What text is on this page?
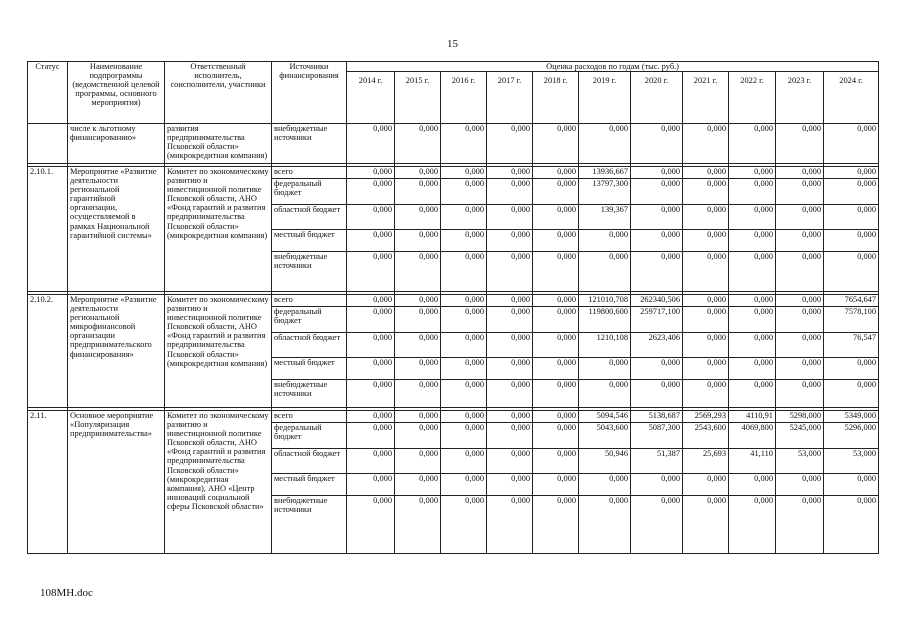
15
Статус	Наименование подпрограммы (ведомственной целевой программы, основного мероприятия)	Ответственный исполнитель, соисполнители, участники	Источники финансирования	Оценка расходов по годам (тыс. руб.)										
				2014 г.	2015 г.	2016 г.	2017 г.	2018 г.	2019 г.	2020 г.	2021 г.	2022 г.	2023 г.	2024 г.
	числе к льготному финансированию»	развития предпринимательства Псковской области» (микрокредитная компания)	внебюджетные источники	0,000	0,000	0,000	0,000	0,000	0,000	0,000	0,000	0,000	0,000	0,000

2.10.1.	Мероприятие «Развитие деятельности региональной гарантийной организации, осуществляемой в рамках Национальной гарантийной системы»	Комитет по экономическому развитию и инвестиционной политике Псковской области, АНО «Фонд гарантий и развития предпринимательства Псковской области» (микрокредитная компания)	всего	0,000	0,000	0,000	0,000	0,000	13936,667	0,000	0,000	0,000	0,000	0,000
			федеральный бюджет	0,000	0,000	0,000	0,000	0,000	13797,300	0,000	0,000	0,000	0,000	0,000
			областной бюджет	0,000	0,000	0,000	0,000	0,000	139,367	0,000	0,000	0,000	0,000	0,000
			местный бюджет	0,000	0,000	0,000	0,000	0,000	0,000	0,000	0,000	0,000	0,000	0,000
			внебюджетные источники	0,000	0,000	0,000	0,000	0,000	0,000	0,000	0,000	0,000	0,000	0,000

2.10.2.	Мероприятие «Развитие деятельности региональной микрофинансовой организации предпринимательского финансирования»	Комитет по экономическому развитию и инвестиционной политике Псковской области, АНО «Фонд гарантий и развития предпринимательства Псковской области» (микрокредитная компания)	всего	0,000	0,000	0,000	0,000	0,000	121010,708	262340,506	0,000	0,000	0,000	7654,647
			федеральный бюджет	0,000	0,000	0,000	0,000	0,000	119800,600	259717,100	0,000	0,000	0,000	7578,100
			областной бюджет	0,000	0,000	0,000	0,000	0,000	1210,108	2623,406	0,000	0,000	0,000	76,547
			местный бюджет	0,000	0,000	0,000	0,000	0,000	0,000	0,000	0,000	0,000	0,000	0,000
			внебюджетные источники	0,000	0,000	0,000	0,000	0,000	0,000	0,000	0,000	0,000	0,000	0,000

2.11.	Основное мероприятие «Популяризация предпринимательства»	Комитет по экономическому развитию и инвестиционной политике Псковской области, АНО «Фонд гарантий и развития предпринимательства Псковской области» (микрокредитная компания), АНО «Центр инноваций социальной сферы Псковской области»	всего	0,000	0,000	0,000	0,000	0,000	5094,546	5138,687	2569,293	4110,91	5298,000	5349,000
			федеральный бюджет	0,000	0,000	0,000	0,000	0,000	5043,600	5087,300	2543,600	4069,800	5245,000	5296,000
			областной бюджет	0,000	0,000	0,000	0,000	0,000	50,946	51,387	25,693	41,110	53,000	53,000
			местный бюджет	0,000	0,000	0,000	0,000	0,000	0,000	0,000	0,000	0,000	0,000	0,000
			внебюджетные источники	0,000	0,000	0,000	0,000	0,000	0,000	0,000	0,000	0,000	0,000	0,000
108MH.doc
